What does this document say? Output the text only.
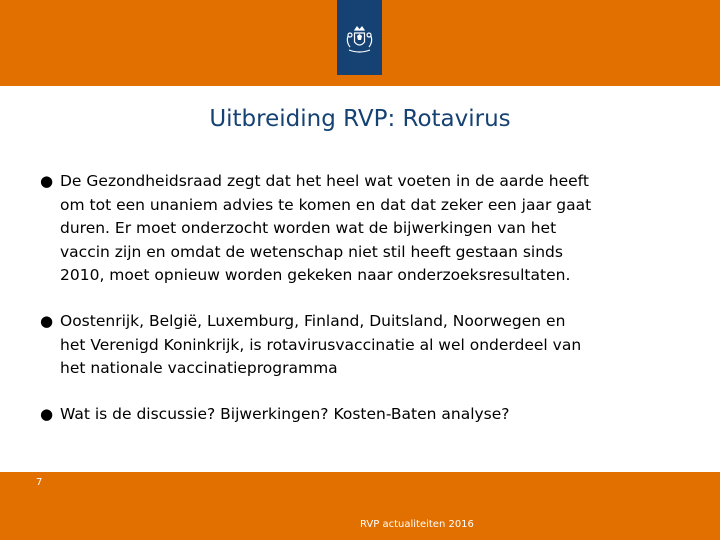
Uitbreiding RVP: Rotavirus
● De Gezondheidsraad zegt dat het heel wat voeten in de aarde heeft
om tot een unaniem advies te komen en dat dat zeker een jaar gaat
duren. Er moet onderzocht worden wat de bijwerkingen van het
vaccin zijn en omdat de wetenschap niet stil heeft gestaan sinds
2010, moet opnieuw worden gekeken naar onderzoeksresultaten.
● Oostenrijk, België, Luxemburg, Finland, Duitsland, Noorwegen en
het Verenigd Koninkrijk, is rotavirusvaccinatie al wel onderdeel van
het nationale vaccinatieprogramma
● Wat is de discussie? Bijwerkingen? Kosten-Baten analyse?
7
RVP actualiteiten 2016
